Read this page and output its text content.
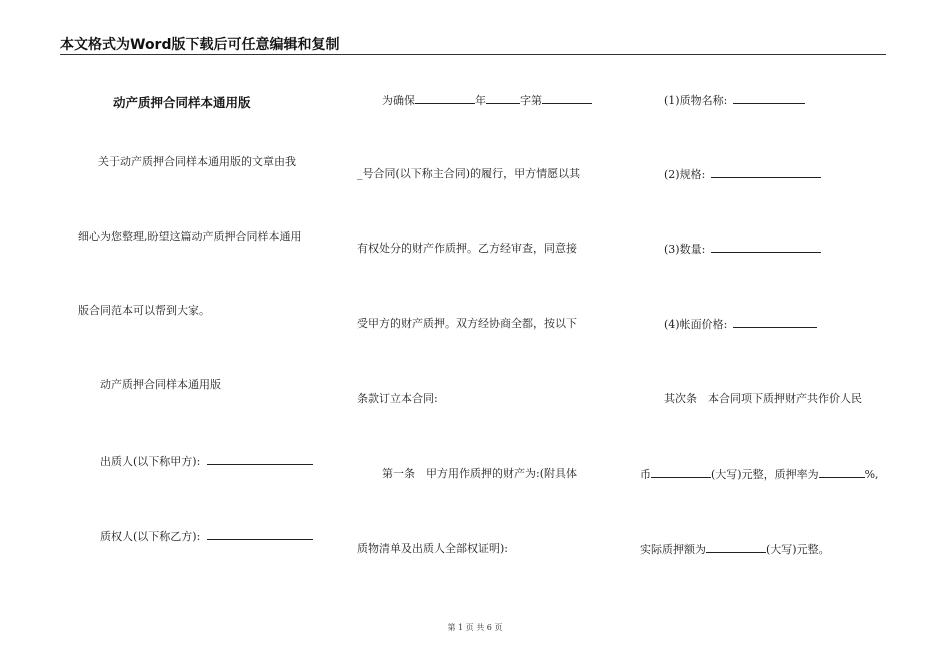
本文格式为Word版下载后可任意编辑和复制
动产质押合同样本通用版
关于动产质押合同样本通用版的文章由我
细心为您整理,盼望这篇动产质押合同样本通用
版合同范本可以帮到大家。
动产质押合同样本通用版
出质人(以下称甲方):
质权人(以下称乙方):
为确保	年	字第
_号合同(以下称主合同)的履行，甲方情愿以其
有权处分的财产作质押。乙方经审查，同意接
受甲方的财产质押。双方经协商全都，按以下
条款订立本合同:
第一条　甲方用作质押的财产为:(附具体
质物清单及出质人全部权证明):
(1)质物名称:
(2)规格:
(3)数量:
(4)帐面价格:
其次条　本合同项下质押财产共作价人民
币	(大写)元整，质押率为	%,
实际质押额为	(大写)元整。
第 1 页 共 6 页
